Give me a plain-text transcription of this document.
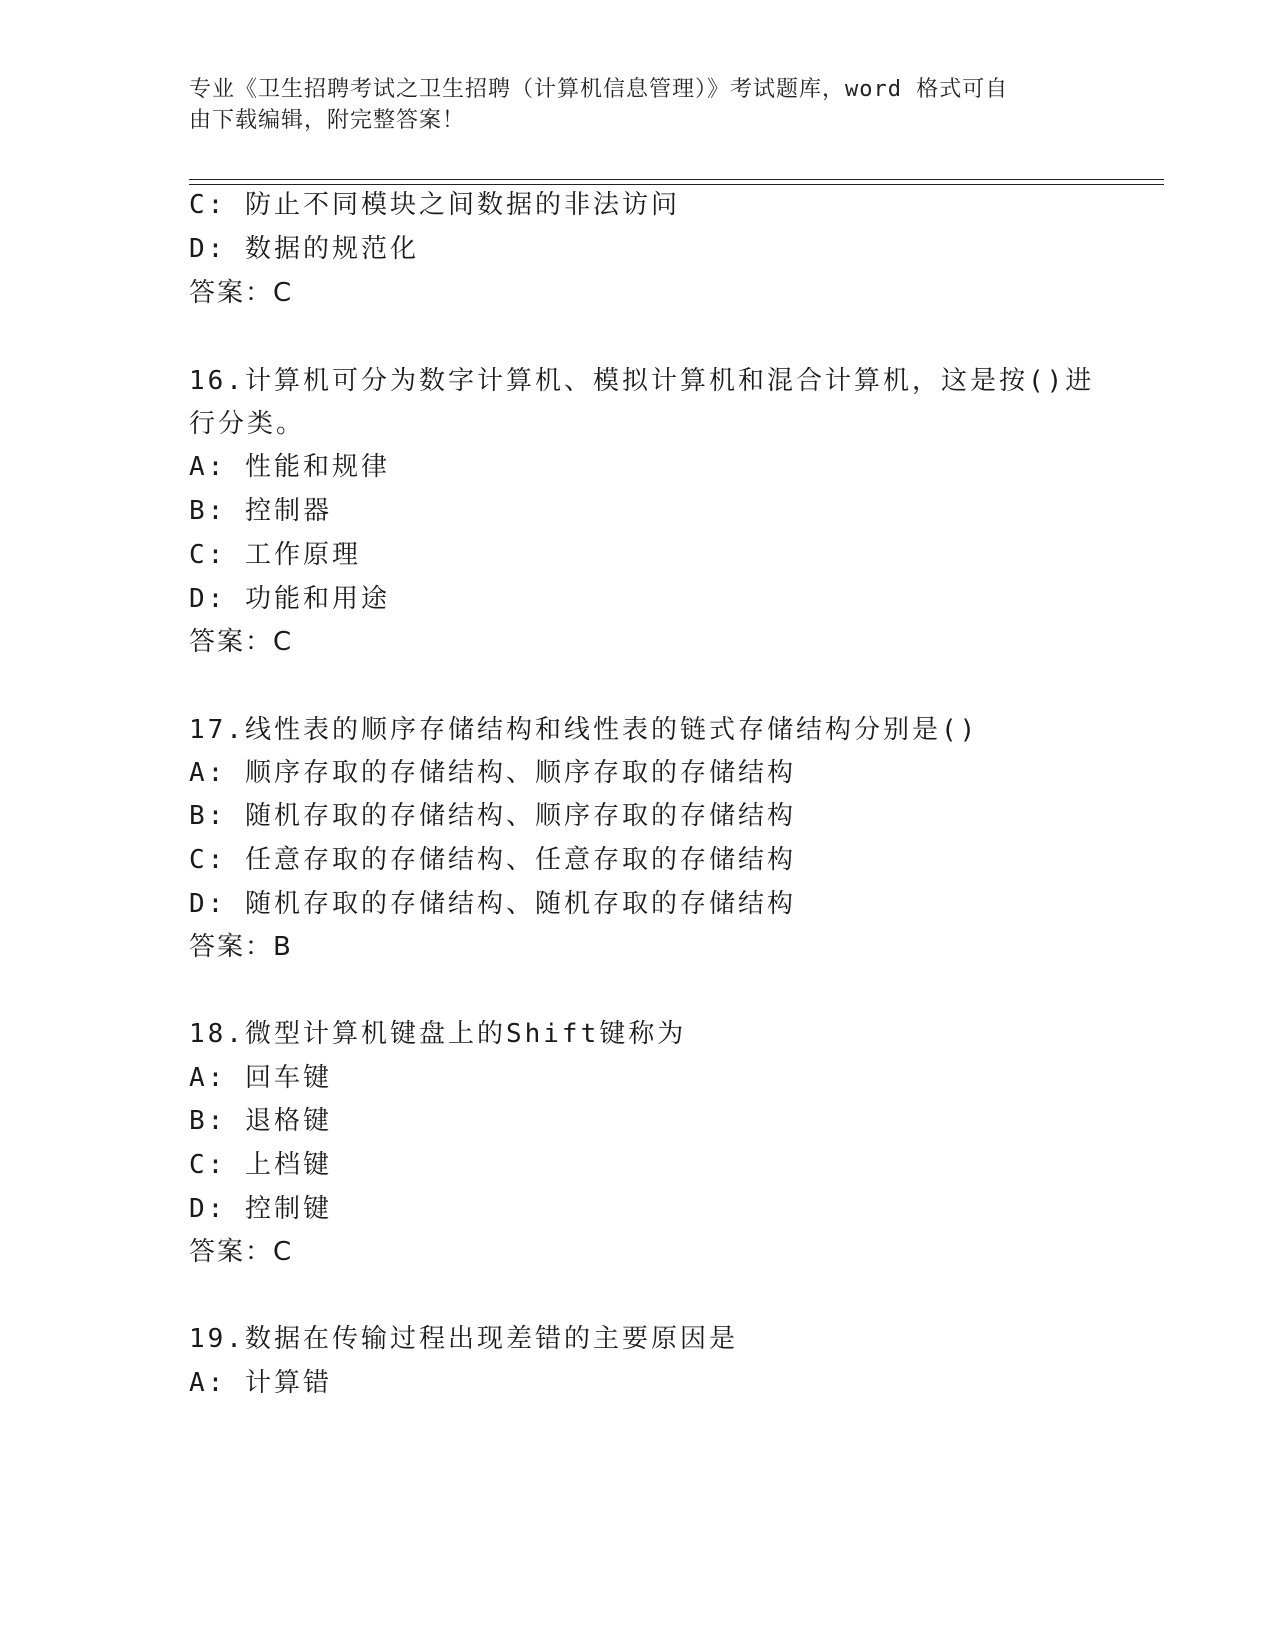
专业《卫生招聘考试之卫生招聘（计算机信息管理）》考试题库，word 格式可自
由下载编辑，附完整答案！
C: 防止不同模块之间数据的非法访问
D: 数据的规范化
答案：C
16.计算机可分为数字计算机、模拟计算机和混合计算机，这是按()进
行分类。
A: 性能和规律
B: 控制器
C: 工作原理
D: 功能和用途
答案：C
17.线性表的顺序存储结构和线性表的链式存储结构分别是()
A: 顺序存取的存储结构、顺序存取的存储结构
B: 随机存取的存储结构、顺序存取的存储结构
C: 任意存取的存储结构、任意存取的存储结构
D: 随机存取的存储结构、随机存取的存储结构
答案：B
18.微型计算机键盘上的Shift键称为
A: 回车键
B: 退格键
C: 上档键
D: 控制键
答案：C
19.数据在传输过程出现差错的主要原因是
A: 计算错
